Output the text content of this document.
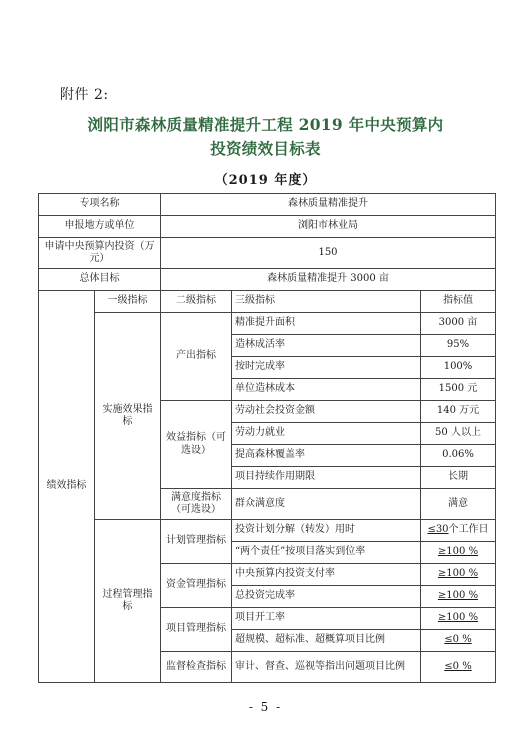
附件 2:
浏阳市森林质量精准提升工程 2019 年中央预算内
投资绩效目标表
（2019 年度）
专项名称		森林质量精准提升		
申报地方或单位		浏阳市林业局		
申请中央预算内投资（万元）		150		
总体目标		森林质量精准提升 3000 亩		
绩效指标	一级指标	二级指标	三级指标	指标值
	实施效果指标	产出指标	精准提升面积	3000 亩
			造林成活率	95%
			按时完成率	100%
			单位造林成本	1500 元
		效益指标（可选设）	劳动社会投资金额	140 万元
			劳动力就业	50 人以上
			提高森林覆盖率	0.06%
			项目持续作用期限	长期
		满意度指标（可选设）	群众满意度	满意
	过程管理指标	计划管理指标	投资计划分解（转发）用时	≤30个工作日
			“两个责任”按项目落实到位率	≥100 %
		资金管理指标	中央预算内投资支付率	≥100 %
			总投资完成率	≥100 %
		项目管理指标	项目开工率	≥100 %
			超规模、超标准、超概算项目比例	≤0 %
		监督检查指标	审计、督查、巡视等指出问题项目比例	≤0 %
- 5 -
